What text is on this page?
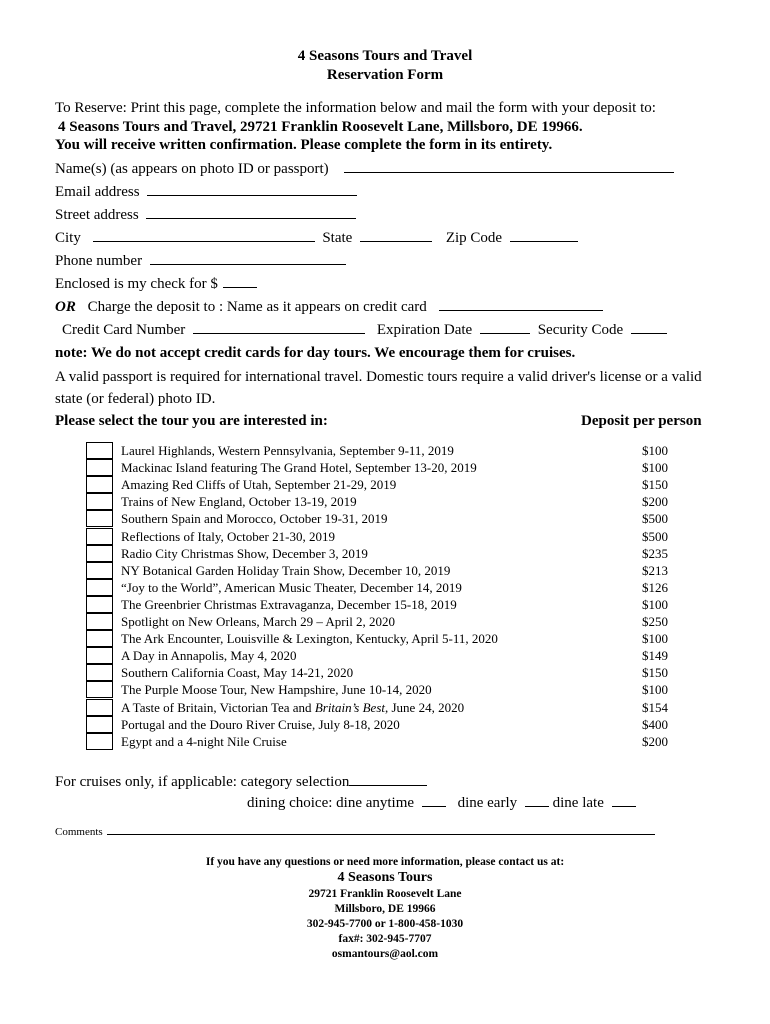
4 Seasons Tours and Travel
Reservation Form
To Reserve: Print this page, complete the information below and mail the form with your deposit to:
4 Seasons Tours and Travel, 29721 Franklin Roosevelt Lane, Millsboro, DE 19966.
You will receive written confirmation. Please complete the form in its entirety.
Name(s) (as appears on photo ID or passport)
Email address
Street address
City	State	Zip Code
Phone number
Enclosed is my check for $
OR Charge the deposit to : Name as it appears on credit card
Credit Card Number	Expiration Date	Security Code
note: We do not accept credit cards for day tours. We encourage them for cruises.
A valid passport is required for international travel. Domestic tours require a valid driver's license or a valid
state (or federal) photo ID.
Please select the tour you are interested in:	Deposit per person
Laurel Highlands, Western Pennsylvania, September 9-11, 2019	$100
Mackinac Island featuring The Grand Hotel, September 13-20, 2019	$100
Amazing Red Cliffs of Utah, September 21-29, 2019	$150
Trains of New England, October 13-19, 2019	$200
Southern Spain and Morocco, October 19-31, 2019	$500
Reflections of Italy, October 21-30, 2019	$500
Radio City Christmas Show, December 3, 2019	$235
NY Botanical Garden Holiday Train Show, December 10, 2019	$213
“Joy to the World”, American Music Theater, December 14, 2019	$126
The Greenbrier Christmas Extravaganza, December 15-18, 2019	$100
Spotlight on New Orleans, March 29 – April 2, 2020	$250
The Ark Encounter, Louisville & Lexington, Kentucky, April 5-11, 2020	$100
A Day in Annapolis, May 4, 2020	$149
Southern California Coast, May 14-21, 2020	$150
The Purple Moose Tour, New Hampshire, June 10-14, 2020	$100
A Taste of Britain, Victorian Tea and Britain’s Best, June 24, 2020	$154
Portugal and the Douro River Cruise, July 8-18, 2020	$400
Egypt and a 4-night Nile Cruise	$200
For cruises only, if applicable: category selection
dining choice: dine anytime	dine early dine late
Comments
If you have any questions or need more information, please contact us at:
4 Seasons Tours
29721 Franklin Roosevelt Lane
Millsboro, DE 19966
302-945-7700 or 1-800-458-1030
fax#: 302-945-7707
osmantours@aol.com
